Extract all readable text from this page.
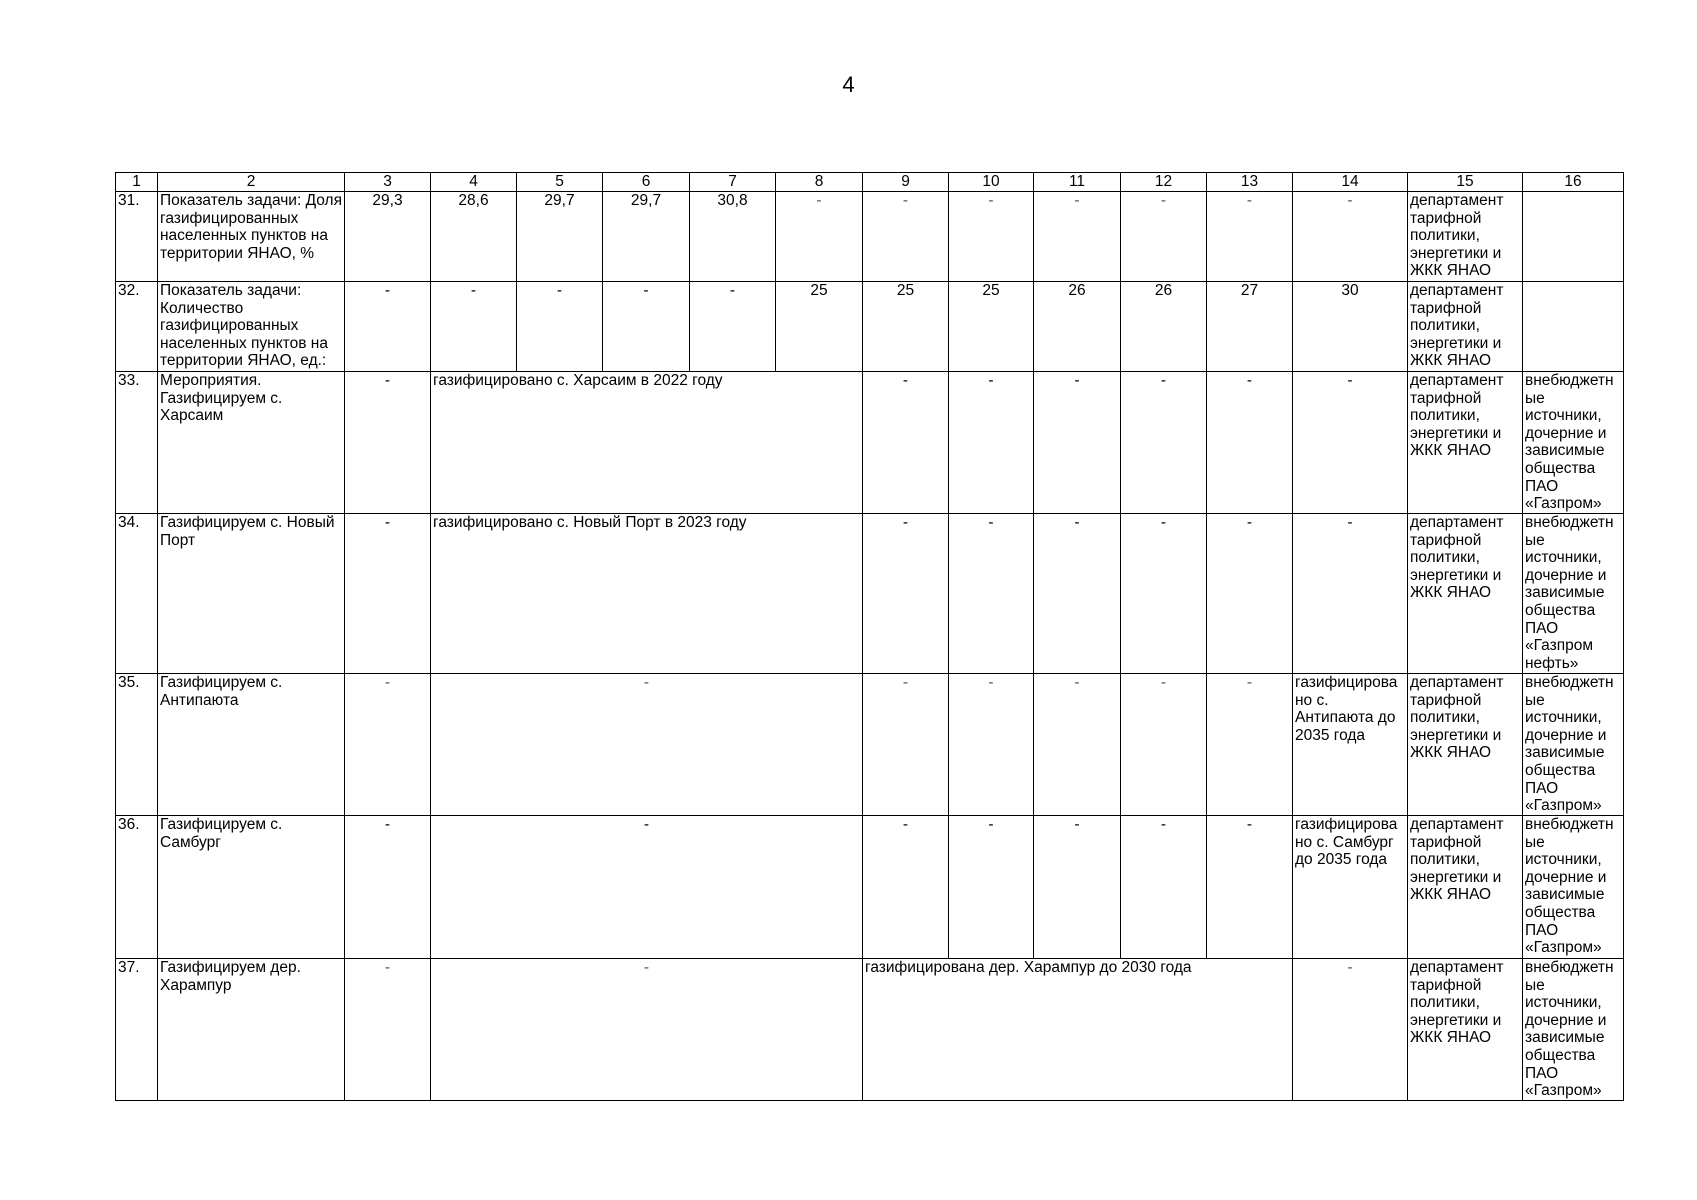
4
1	2	3	4	5	6	7	8	9	10	11	12	13	14	15	16
31.	Показатель задачи: Доля газифицированных населенных пунктов на территории ЯНАО, %	29,3	28,6	29,7	29,7	30,8	-	-	-	-	-	-	-	департамент тарифной политики, энергетики и ЖКК ЯНАО	
32.	Показатель задачи: Количество газифицированных населенных пунктов на территории ЯНАО, ед.:	-	-	-	-	-	25	25	25	26	26	27	30	департамент тарифной политики, энергетики и ЖКК ЯНАО	
33.	Мероприятия. Газифицируем с. Харсаим	-	газифицировано с. Харсаим в 2022 году					-	-	-	-	-	-	департамент тарифной политики, энергетики и ЖКК ЯНАО	внебюджетные источники, дочерние и зависимые общества ПАО «Газпром»
34.	Газифицируем с. Новый Порт	-	газифицировано с. Новый Порт в 2023 году					-	-	-	-	-	-	департамент тарифной политики, энергетики и ЖКК ЯНАО	внебюджетные источники, дочерние и зависимые общества ПАО «Газпром нефть»
35.	Газифицируем с. Антипаюта	-	-					-	-	-	-	-	газифицировано с. Антипаюта до 2035 года	департамент тарифной политики, энергетики и ЖКК ЯНАО	внебюджетные источники, дочерние и зависимые общества ПАО «Газпром»
36.	Газифицируем с. Самбург	-	-					-	-	-	-	-	газифицировано с. Самбург до 2035 года	департамент тарифной политики, энергетики и ЖКК ЯНАО	внебюджетные источники, дочерние и зависимые общества ПАО «Газпром»
37.	Газифицируем дер. Харампур	-	-					газифицирована дер. Харампур до 2030 года					-	департамент тарифной политики, энергетики и ЖКК ЯНАО	внебюджетные источники, дочерние и зависимые общества ПАО «Газпром»
